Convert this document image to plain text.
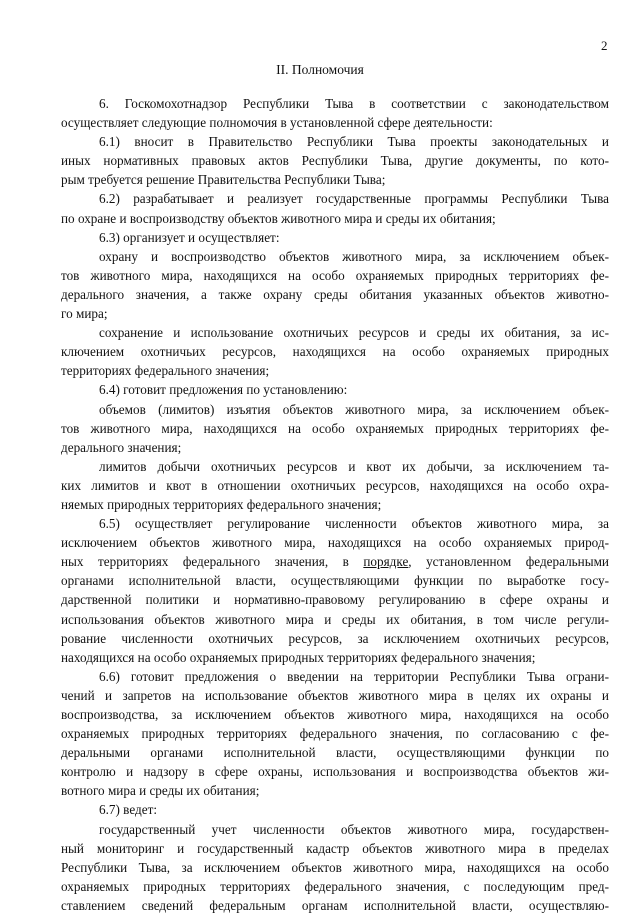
2
II. Полномочия
6. Госкомохотнадзор Республики Тыва в соответствии с законодательством
осуществляет следующие полномочия в установленной сфере деятельности:
6.1) вносит в Правительство Республики Тыва проекты законодательных и
иных нормативных правовых актов Республики Тыва, другие документы, по кото-
рым требуется решение Правительства Республики Тыва;
6.2) разрабатывает и реализует государственные программы Республики Тыва
по охране и воспроизводству объектов животного мира и среды их обитания;
6.3) организует и осуществляет:
охрану и воспроизводство объектов животного мира, за исключением объек-
тов животного мира, находящихся на особо охраняемых природных территориях фе-
дерального значения, а также охрану среды обитания указанных объектов животно-
го мира;
сохранение и использование охотничьих ресурсов и среды их обитания, за ис-
ключением охотничьих ресурсов, находящихся на особо охраняемых природных
территориях федерального значения;
6.4) готовит предложения по установлению:
объемов (лимитов) изъятия объектов животного мира, за исключением объек-
тов животного мира, находящихся на особо охраняемых природных территориях фе-
дерального значения;
лимитов добычи охотничьих ресурсов и квот их добычи, за исключением та-
ких лимитов и квот в отношении охотничьих ресурсов, находящихся на особо охра-
няемых природных территориях федерального значения;
6.5) осуществляет регулирование численности объектов животного мира, за
исключением объектов животного мира, находящихся на особо охраняемых природ-
ных территориях федерального значения, в порядке, установленном федеральными
органами исполнительной власти, осуществляющими функции по выработке госу-
дарственной политики и нормативно-правовому регулированию в сфере охраны и
использования объектов животного мира и среды их обитания, в том числе регули-
рование численности охотничьих ресурсов, за исключением охотничьих ресурсов,
находящихся на особо охраняемых природных территориях федерального значения;
6.6) готовит предложения о введении на территории Республики Тыва ограни-
чений и запретов на использование объектов животного мира в целях их охраны и
воспроизводства, за исключением объектов животного мира, находящихся на особо
охраняемых природных территориях федерального значения, по согласованию с фе-
деральными органами исполнительной власти, осуществляющими функции по
контролю и надзору в сфере охраны, использования и воспроизводства объектов жи-
вотного мира и среды их обитания;
6.7) ведет:
государственный учет численности объектов животного мира, государствен-
ный мониторинг и государственный кадастр объектов животного мира в пределах
Республики Тыва, за исключением объектов животного мира, находящихся на особо
охраняемых природных территориях федерального значения, с последующим пред-
ставлением сведений федеральным органам исполнительной власти, осуществляю-
